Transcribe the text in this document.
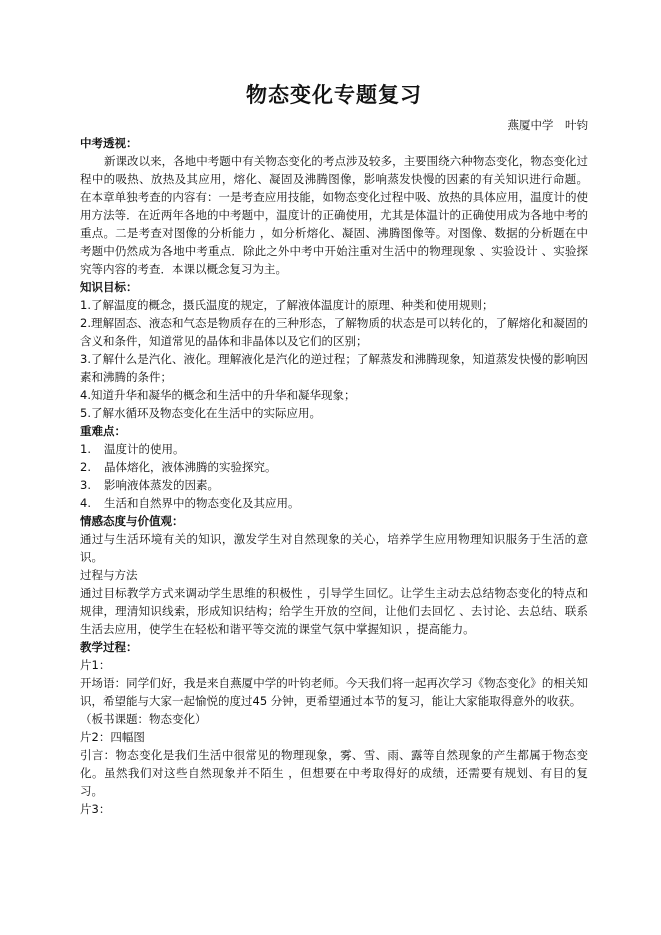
物态变化专题复习
燕厦中学　叶钧
中考透视：

新课改以来，各地中考题中有关物态变化的考点涉及较多，主要围绕六种物态变化，物态变化过程中的吸热、放热及其应用，熔化、凝固及沸腾图像，影响蒸发快慢的因素的有关知识进行命题。 在本章单独考查的内容有：一是考查应用技能，如物态变化过程中吸、放热的具体应用，温度计的使用方法等．在近两年各地的中考题中，温度计的正确使用，尤其是体温计的正确使用成为各地中考的重点。二是考查对图像的分析能力 ，如分析熔化、凝固、沸腾图像等。对图像、数据的分析题在中考题中仍然成为各地中考重点．除此之外中考中开始注重对生活中的物理现象 、实验设计 、实验探究等内容的考查．本课以概念复习为主。

知识目标：
1.了解温度的概念，摄氏温度的规定，了解液体温度计的原理、种类和使用规则；
2.理解固态、液态和气态是物质存在的三种形态，了解物质的状态是可以转化的，了解熔化和凝固的含义和条件，知道常见的晶体和非晶体以及它们的区别；
3.了解什么是汽化、液化。理解液化是汽化的逆过程；了解蒸发和沸腾现象，知道蒸发快慢的影响因素和沸腾的条件；
4.知道升华和凝华的概念和生活中的升华和凝华现象；
5.了解水循环及物态变化在生活中的实际应用。
重难点：
1. 温度计的使用。
2. 晶体熔化，液体沸腾的实验探究。
3. 影响液体蒸发的因素。
4. 生活和自然界中的物态变化及其应用。
情感态度与价值观：

通过与生活环境有关的知识，激发学生对自然现象的关心，培养学生应用物理知识服务于生活的意识。

过程与方法

通过目标教学方式来调动学生思维的积极性 ，引导学生回忆。让学生主动去总结物态变化的特点和规律，理清知识线索，形成知识结构；给学生开放的空间，让他们去回忆 、去讨论、去总结、联系生活去应用，使学生在轻松和谐平等交流的课堂气氛中掌握知识 ，提高能力。

教学过程：

片1：

开场语：同学们好，我是来自燕厦中学的叶钧老师。今天我们将一起再次学习《物态变化》的相关知识，希望能与大家一起愉悦的度过45 分钟，更希望通过本节的复习，能让大家能取得意外的收获。

（板书课题：物态变化）

片2：四幅图

引言：物态变化是我们生活中很常见的物理现象，雾、雪、雨、露等自然现象的产生都属于物态变化。虽然我们对这些自然现象并不陌生 ，但想要在中考取得好的成绩，还需要有规划、有目的复习。

片3：
